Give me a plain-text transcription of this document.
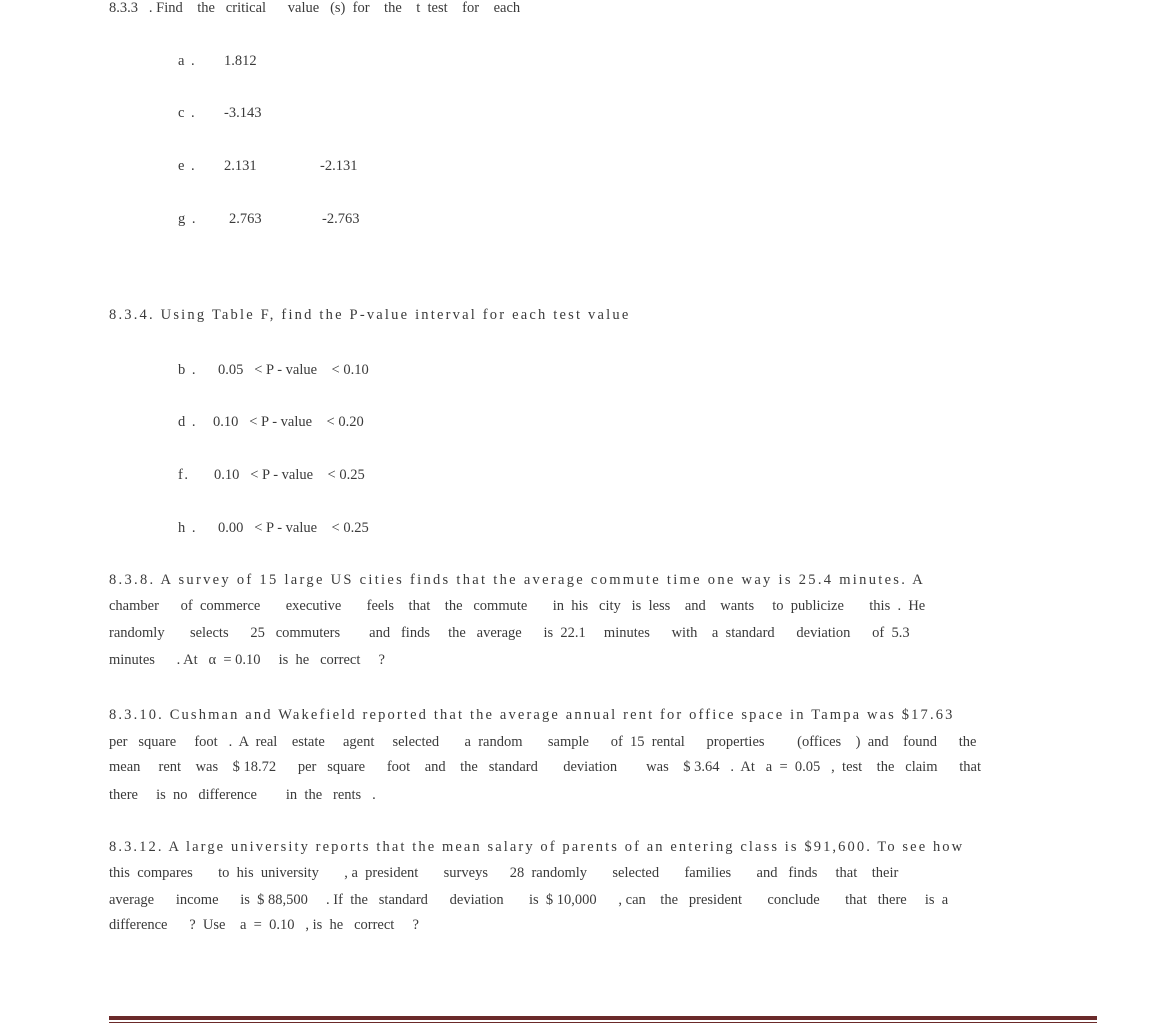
8.3.3   . Find    the   critical      value   (s)  for    the    t  test    for    each
a . 1.812
c . -3.143
e . 2.131	-2.131
g . 2.763	-2.763
8.3.4. Using Table F, find the P-value interval for each test value
b . 0.05   < P - value    < 0.10
d . 0.10   < P - value    < 0.20
f. 0.10   < P - value    < 0.25
h . 0.00   < P - value    < 0.25
8.3.8. A survey of 15 large US cities finds that the average commute time one way is 25.4 minutes. A
chamber      of  commerce       executive       feels    that    the   commute       in  his   city   is  less    and    wants     to  publicize       this  .  He
randomly       selects      25   commuters        and   finds     the   average      is  22.1     minutes      with    a  standard      deviation      of  5.3
minutes      . At   α  = 0.10     is  he   correct     ?
8.3.10. Cushman and Wakefield reported that the average annual rent for office space in Tampa was $17.63
per   square     foot   .  A  real    estate     agent     selected       a  random       sample      of  15  rental      properties         (offices    )  and    found      the
mean     rent    was    $ 18.72      per   square      foot    and    the   standard       deviation        was    $ 3.64   .  At   a  =  0.05   ,  test    the   claim      that
there     is  no   difference        in  the   rents   .
8.3.12. A large university reports that the mean salary of parents of an entering class is $91,600. To see how
this  compares       to  his  university       , a  president       surveys      28  randomly       selected       families       and   finds     that    their
average      income      is  $ 88,500     . If  the   standard      deviation       is  $ 10,000      , can    the   president       conclude       that   there     is  a
difference      ?  Use    a  =  0.10   , is  he   correct     ?
